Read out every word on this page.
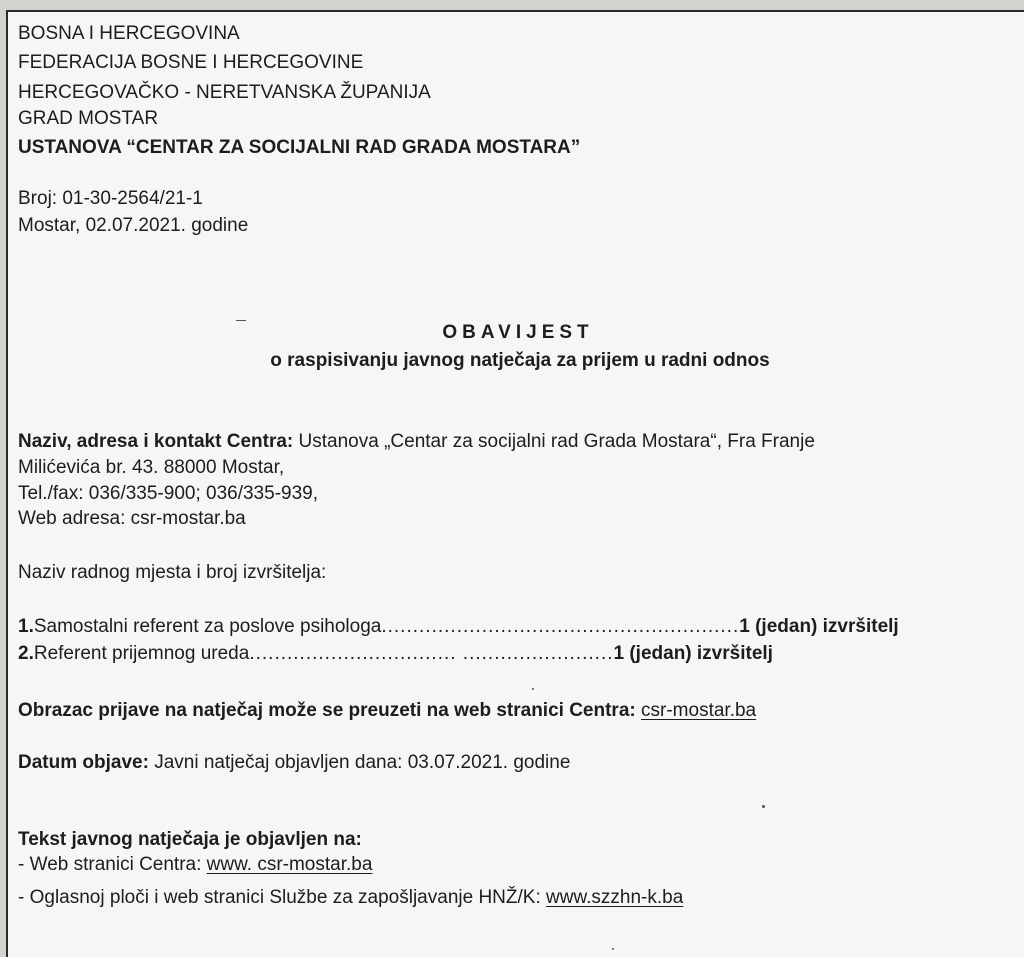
BOSNA I HERCEGOVINA
FEDERACIJA BOSNE I HERCEGOVINE
HERCEGOVAČKO - NERETVANSKA ŽUPANIJA
GRAD MOSTAR
USTANOVA “CENTAR ZA SOCIJALNI RAD GRADA MOSTARA”
Broj: 01-30-2564/21-1
Mostar, 02.07.2021. godine
OBAVIJEST
o raspisivanju javnog natječaja za prijem u radni odnos
Naziv, adresa i kontakt Centra: Ustanova „Centar za socijalni rad Grada Mostara“, Fra Franje
Milićevića br. 43. 88000 Mostar,
Tel./fax: 036/335-900; 036/335-939,
Web adresa: csr-mostar.ba
Naziv radnog mjesta i broj izvršitelja:
1.Samostalni referent za poslove psihologa.........................................................1 (jedan) izvršitelj
2.Referent prijemnog ureda................................. ........................1 (jedan) izvršitelj
Obrazac prijave na natječaj može se preuzeti na web stranici Centra: csr-mostar.ba
Datum objave: Javni natječaj objavljen dana: 03.07.2021. godine
Tekst javnog natječaja je objavljen na:
- Web stranici Centra: www. csr-mostar.ba
- Oglasnoj ploči i web stranici Službe za zapošljavanje HNŽ/K: www.szzhn-k.ba
